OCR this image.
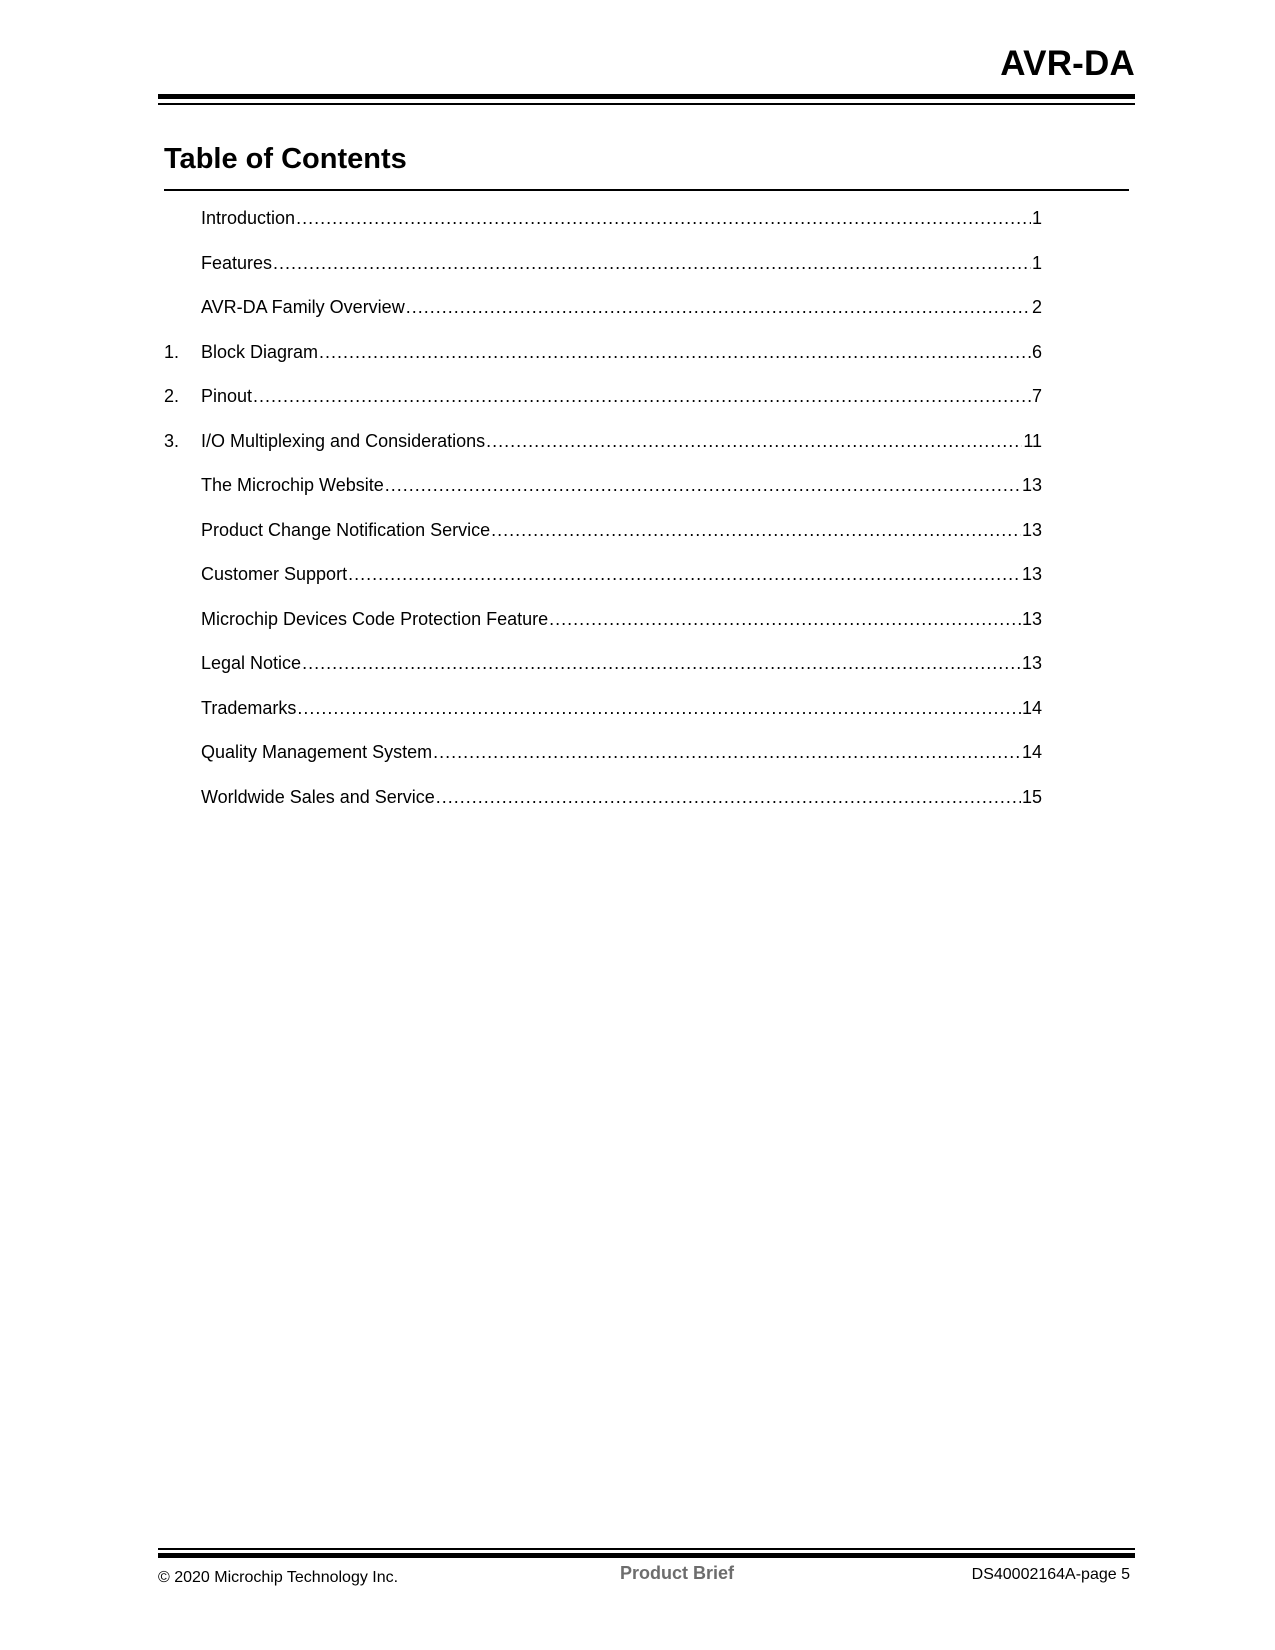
AVR-DA
Table of Contents
Introduction .....	1
Features .....	1
AVR-DA Family Overview .....	2
1.	Block Diagram .....	6
2.	Pinout .....	7
3.	I/O Multiplexing and Considerations .....	11
The Microchip Website .....	13
Product Change Notification Service .....	13
Customer Support .....	13
Microchip Devices Code Protection Feature .....	13
Legal Notice .....	13
Trademarks .....	14
Quality Management System .....	14
Worldwide Sales and Service .....	15
© 2020 Microchip Technology Inc.	Product Brief	DS40002164A-page 5
